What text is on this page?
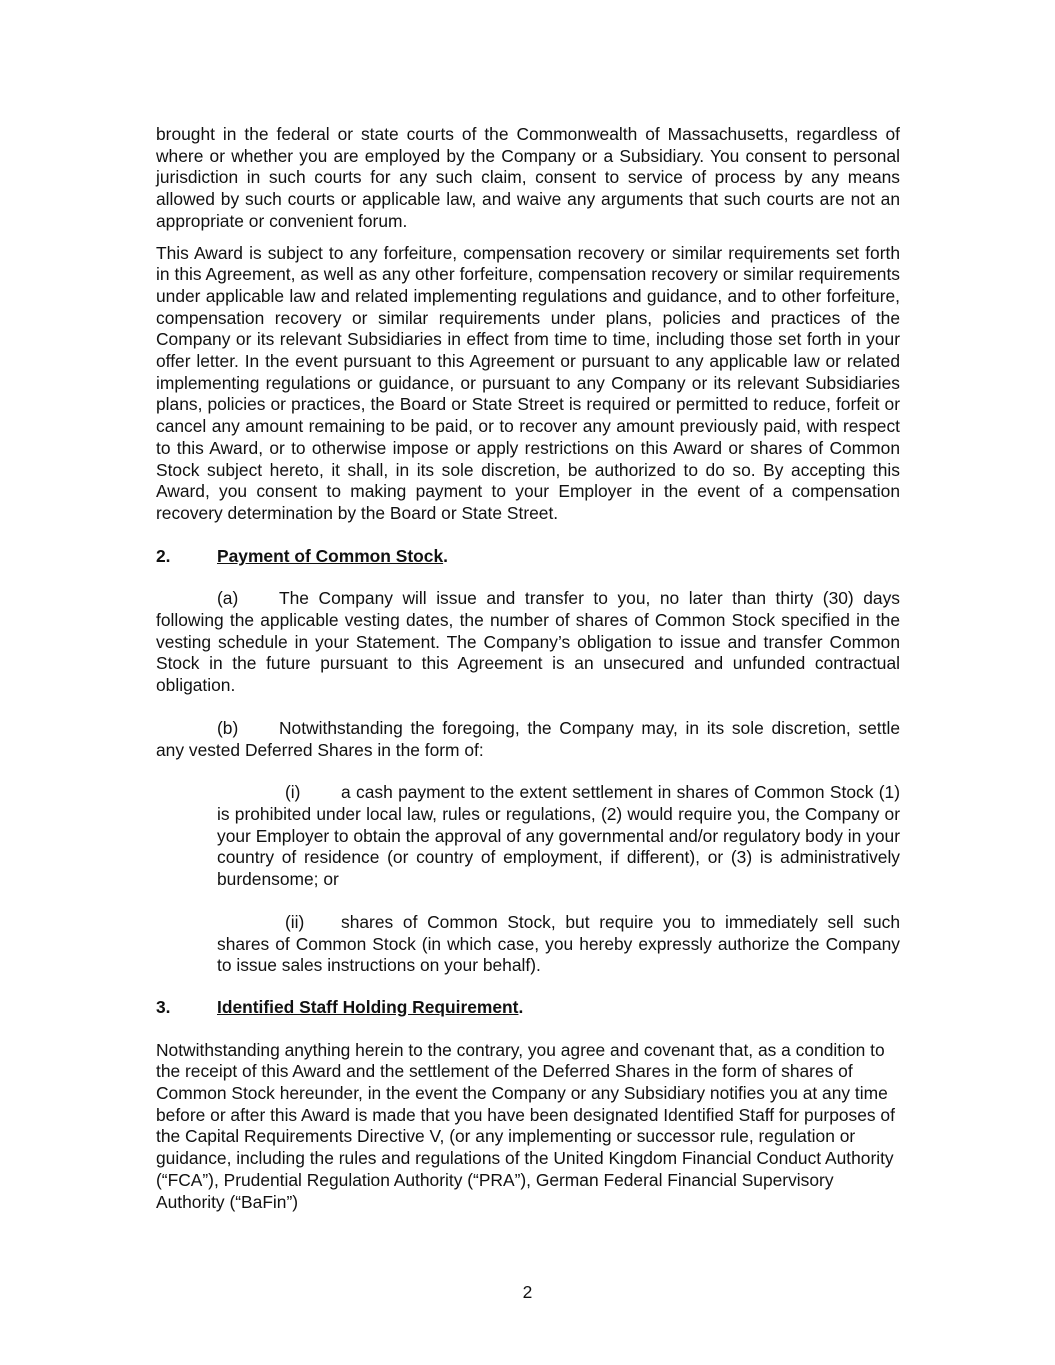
brought in the federal or state courts of the Commonwealth of Massachusetts, regardless of where or whether you are employed by the Company or a Subsidiary. You consent to personal jurisdiction in such courts for any such claim, consent to service of process by any means allowed by such courts or applicable law, and waive any arguments that such courts are not an appropriate or convenient forum.

This Award is subject to any forfeiture, compensation recovery or similar requirements set forth in this Agreement, as well as any other forfeiture, compensation recovery or similar requirements under applicable law and related implementing regulations and guidance, and to other forfeiture, compensation recovery or similar requirements under plans, policies and practices of the Company or its relevant Subsidiaries in effect from time to time, including those set forth in your offer letter. In the event pursuant to this Agreement or pursuant to any applicable law or related implementing regulations or guidance, or pursuant to any Company or its relevant Subsidiaries plans, policies or practices, the Board or State Street is required or permitted to reduce, forfeit or cancel any amount remaining to be paid, or to recover any amount previously paid, with respect to this Award, or to otherwise impose or apply restrictions on this Award or shares of Common Stock subject hereto, it shall, in its sole discretion, be authorized to do so. By accepting this Award, you consent to making payment to your Employer in the event of a compensation recovery determination by the Board or State Street.

2.	Payment of Common Stock.

(a) The Company will issue and transfer to you, no later than thirty (30) days following the applicable vesting dates, the number of shares of Common Stock specified in the vesting schedule in your Statement. The Company’s obligation to issue and transfer Common Stock in the future pursuant to this Agreement is an unsecured and unfunded contractual obligation.

(b) Notwithstanding the foregoing, the Company may, in its sole discretion, settle any vested Deferred Shares in the form of:

(i) a cash payment to the extent settlement in shares of Common Stock (1) is prohibited under local law, rules or regulations, (2) would require you, the Company or your Employer to obtain the approval of any governmental and/or regulatory body in your country of residence (or country of employment, if different), or (3) is administratively burdensome; or

(ii) shares of Common Stock, but require you to immediately sell such shares of Common Stock (in which case, you hereby expressly authorize the Company to issue sales instructions on your behalf).

3.	Identified Staff Holding Requirement.

Notwithstanding anything herein to the contrary, you agree and covenant that, as a condition to the receipt of this Award and the settlement of the Deferred Shares in the form of shares of Common Stock hereunder, in the event the Company or any Subsidiary notifies you at any time before or after this Award is made that you have been designated Identified Staff for purposes of the Capital Requirements Directive V, (or any implementing or successor rule, regulation or guidance, including the rules and regulations of the United Kingdom Financial Conduct Authority (“FCA”), Prudential Regulation Authority (“PRA”), German Federal Financial Supervisory Authority (“BaFin”)

2
